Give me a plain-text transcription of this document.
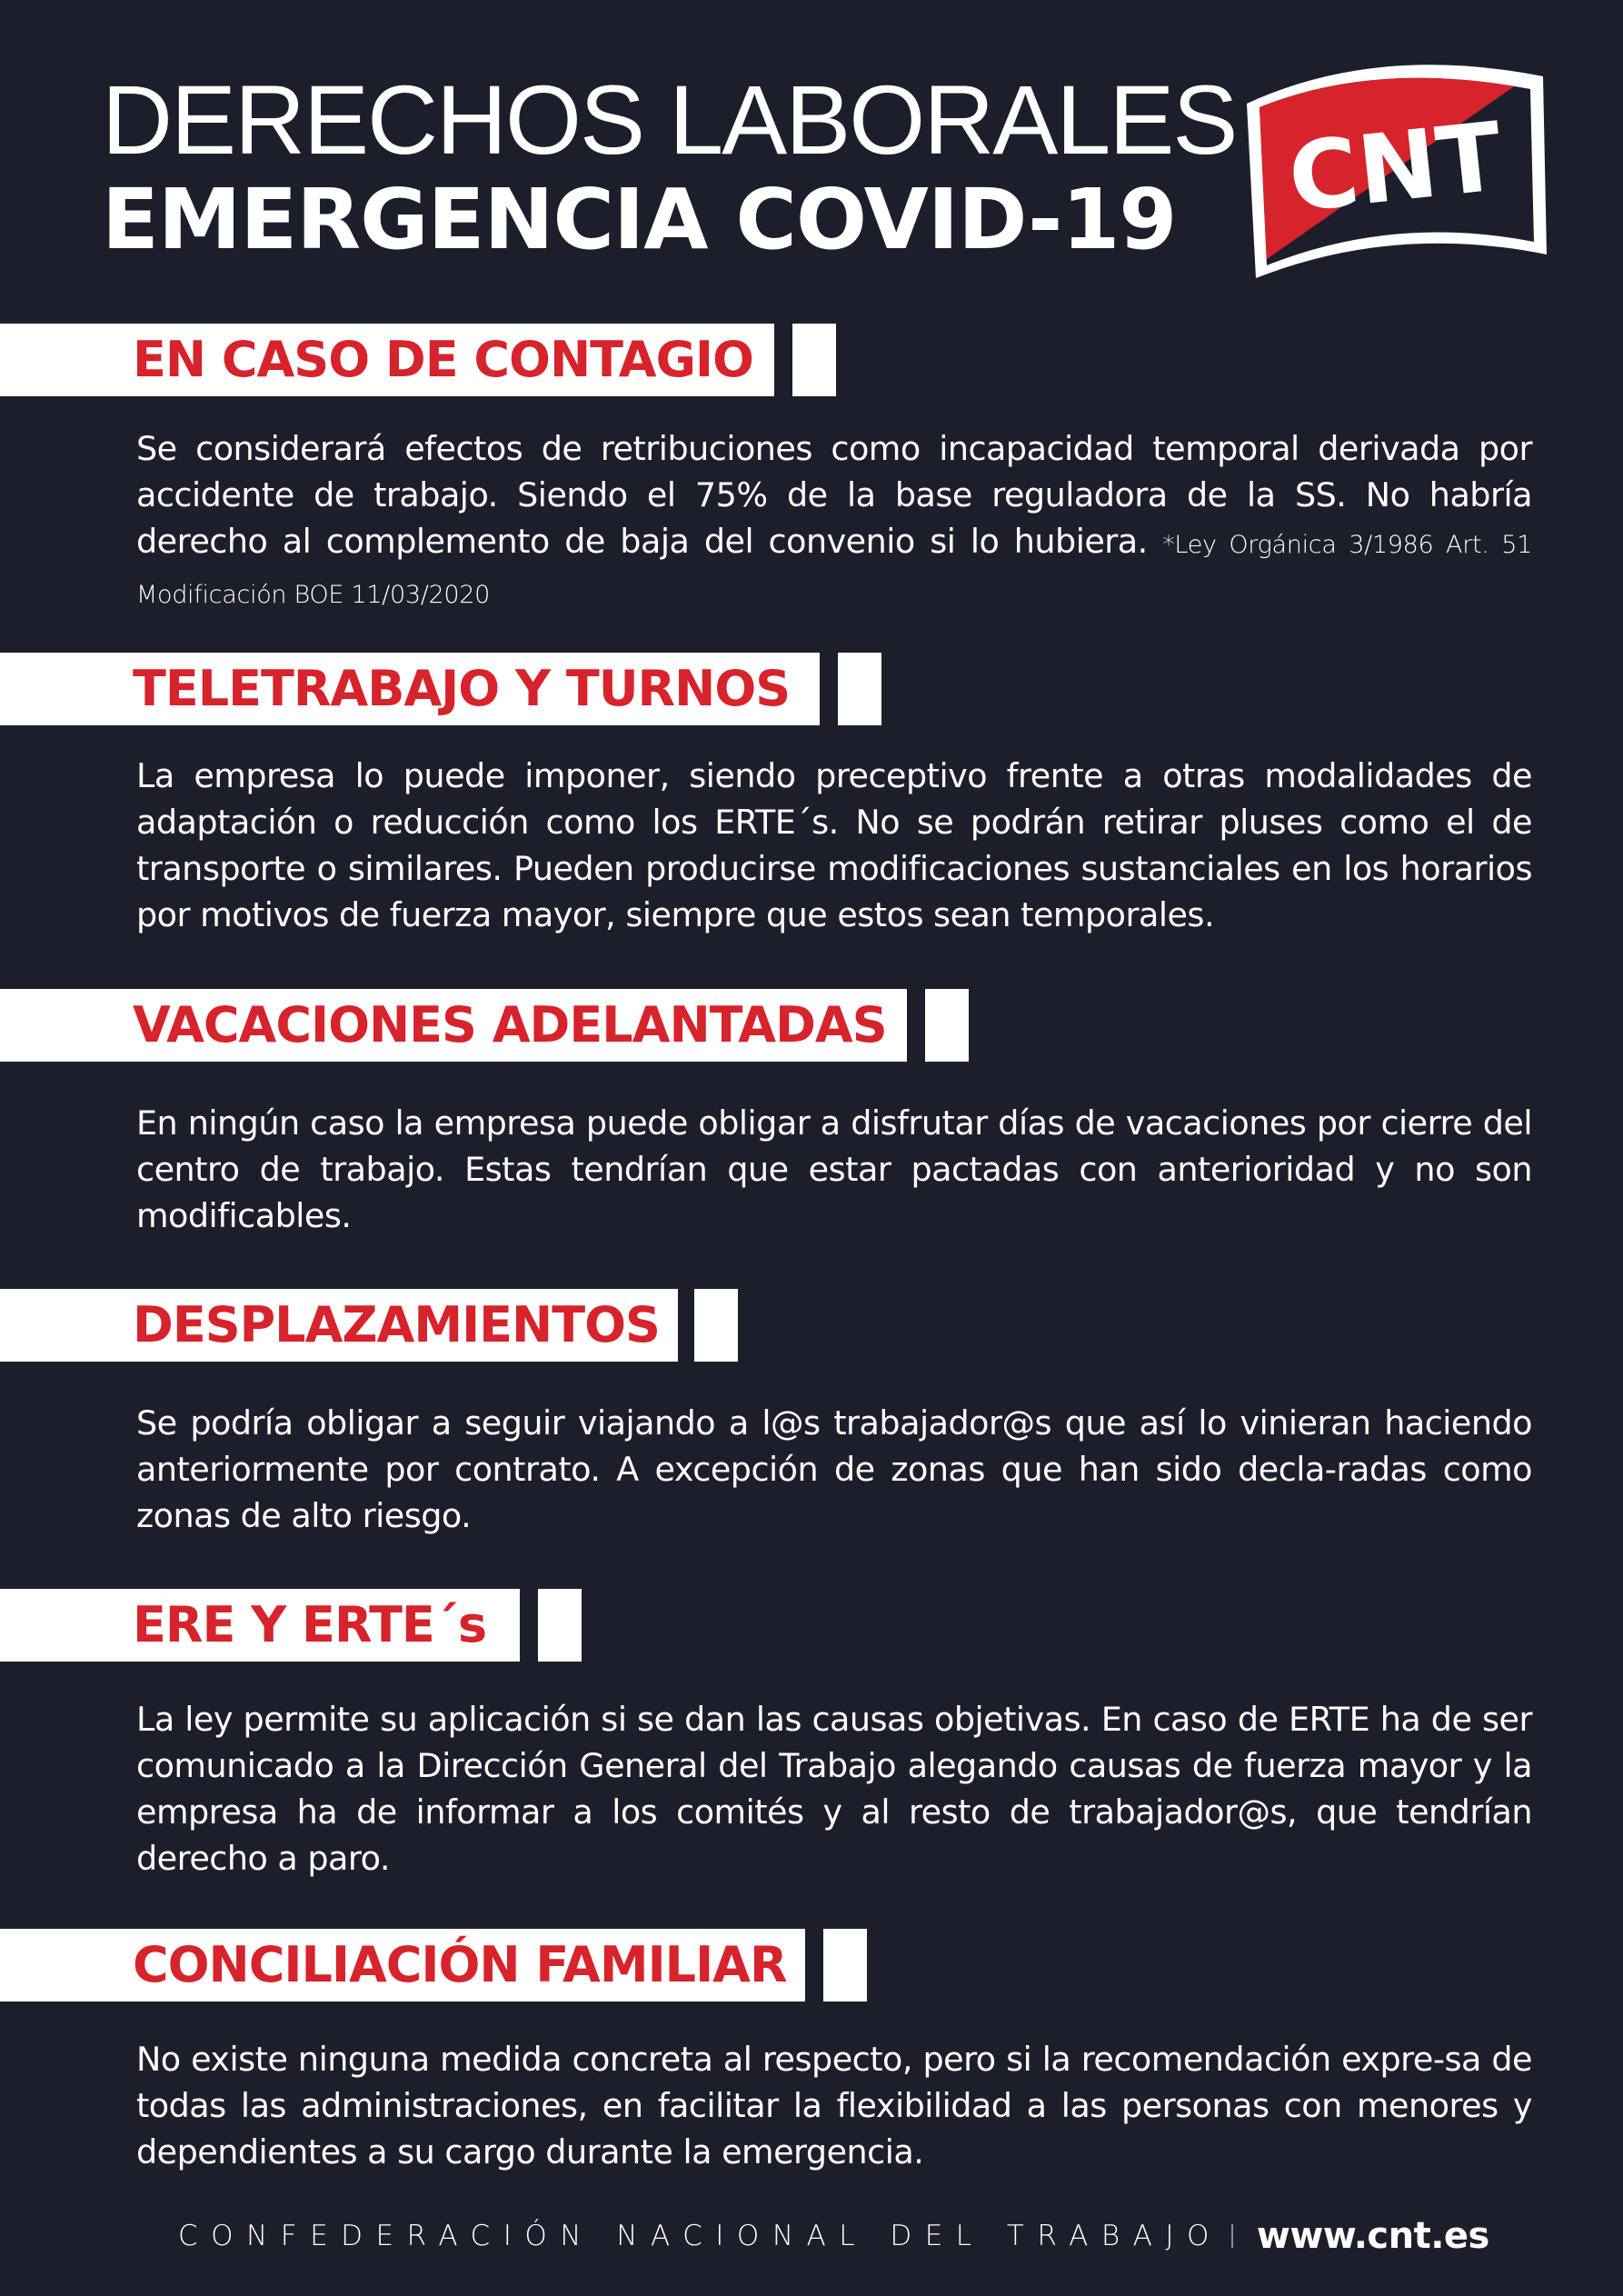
DERECHOS LABORALES
EMERGENCIA COVID-19 CNT
EN CASO DE CONTAGIO
Se considerará efectos de retribuciones como incapacidad temporal derivada por accidente de trabajo. Siendo el 75% de la base reguladora de la SS. No habría derecho al complemento de baja del convenio si lo hubiera. *Ley Orgánica 3/1986 Art. 51 Modificación BOE 11/03/2020
TELETRABAJO Y TURNOS
La empresa lo puede imponer, siendo preceptivo frente a otras modalidades de adaptación o reducción como los ERTE´s. No se podrán retirar pluses como el de transporte o similares. Pueden producirse modificaciones sustanciales en los horarios por motivos de fuerza mayor, siempre que estos sean temporales.
VACACIONES ADELANTADAS
En ningún caso la empresa puede obligar a disfrutar días de vacaciones por cierre del centro de trabajo. Estas tendrían que estar pactadas con anterioridad y no son modificables.
DESPLAZAMIENTOS
Se podría obligar a seguir viajando a l@s trabajador@s que así lo vinieran haciendo anteriormente por contrato. A excepción de zonas que han sido decla-radas como zonas de alto riesgo.
ERE Y ERTE´s
La ley permite su aplicación si se dan las causas objetivas. En caso de ERTE ha de ser comunicado a la Dirección General del Trabajo alegando causas de fuerza mayor y la empresa ha de informar a los comités y al resto de trabajador@s, que tendrían derecho a paro.
CONCILIACIÓN FAMILIAR
No existe ninguna medida concreta al respecto, pero si la recomendación expre-sa de todas las administraciones, en facilitar la flexibilidad a las personas con menores y dependientes a su cargo durante la emergencia.
CONFEDERACIÓN NACIONAL DEL TRABAJO www.cnt.es
